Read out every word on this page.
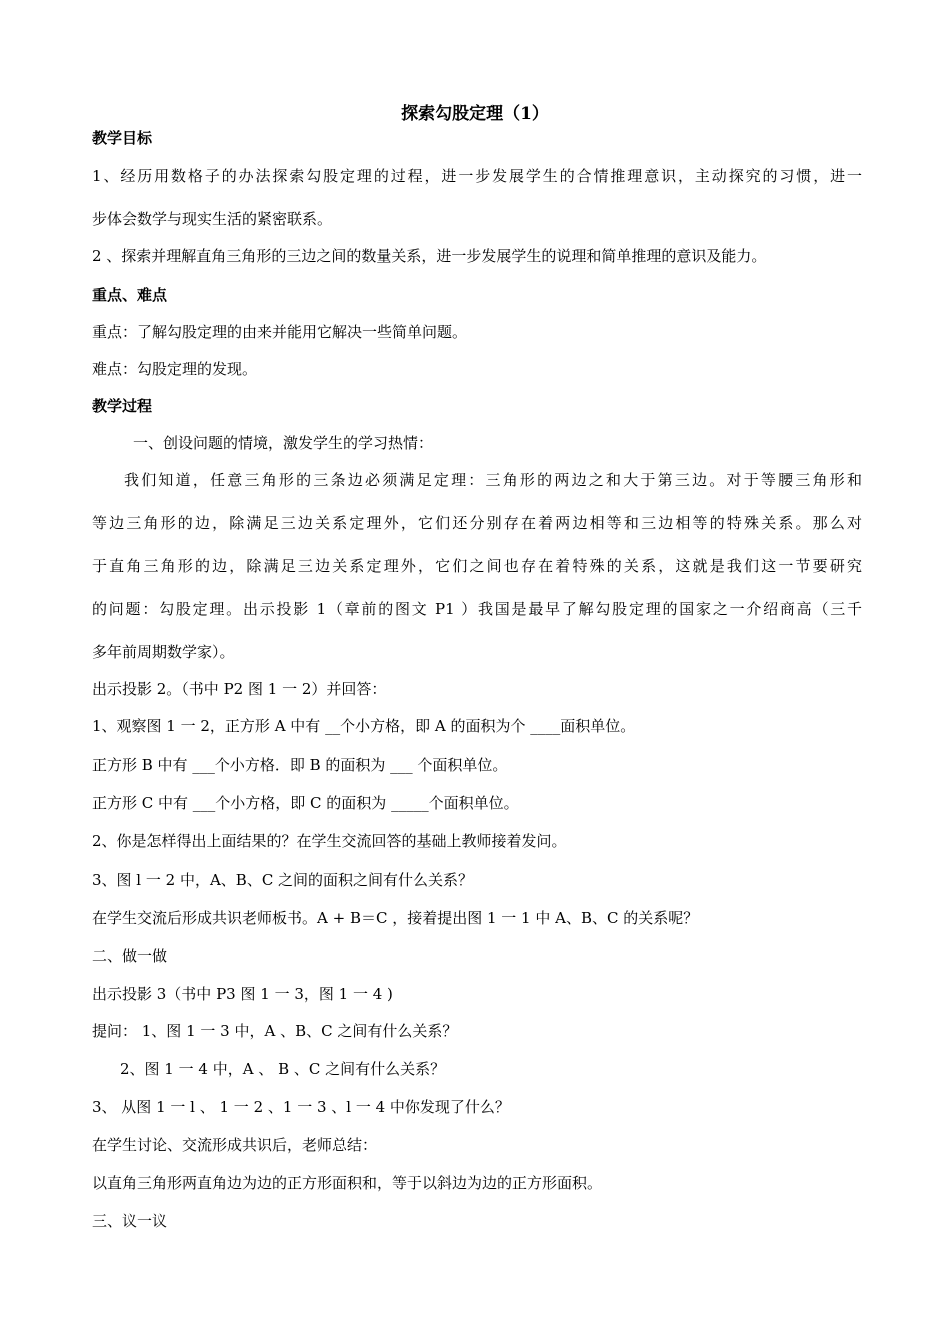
探索勾股定理（1）
教学目标
1、经历用数格子的办法探索勾股定理的过程，进一步发展学生的合情推理意识，主动探究的习惯，进一
步体会数学与现实生活的紧密联系。
2 、探索并理解直角三角形的三边之间的数量关系，进一步发展学生的说理和简单推理的意识及能力。
重点、难点
重点：了解勾股定理的由来并能用它解决一些简单问题。
难点：勾股定理的发现。
教学过程
一、创设问题的情境，激发学生的学习热情：
我们知道，任意三角形的三条边必须满足定理：三角形的两边之和大于第三边。对于等腰三角形和
等边三角形的边，除满足三边关系定理外，它们还分别存在着两边相等和三边相等的特殊关系。那么对
于直角三角形的边，除满足三边关系定理外，它们之间也存在着特殊的关系，这就是我们这一节要研究
的问题：勾股定理。出示投影 1（章前的图文 P1 ）我国是最早了解勾股定理的国家之一介绍商高（三千
多年前周期数学家）。
出示投影 2。（书中 P2 图 1 一 2）并回答：
1、观察图 1 一 2，正方形 A 中有 __个小方格，即 A 的面积为个 ____面积单位。
正方形 B 中有 ___个小方格．即 B 的面积为 ___ 个面积单位。
正方形 C 中有 ___个小方格，即 C 的面积为 _____个面积单位。
2、你是怎样得出上面结果的？在学生交流回答的基础上教师接着发问。
3、图 l 一 2 中，A、B、C 之间的面积之间有什么关系？
在学生交流后形成共识老师板书。A + B＝C ，接着提出图 1 一 1 中 A、B、C 的关系呢？
二、做一做
出示投影 3（书中 P3 图 1 一 3，图 1 一 4 )
提问： 1、图 1 一 3 中，A 、B、C 之间有什么关系？
2、图 1 一 4 中，A 、 B 、C 之间有什么关系？
3、 从图 1 一 l 、 1 一 2 、1 一 3 、l 一 4 中你发现了什么？
在学生讨论、交流形成共识后，老师总结：
以直角三角形两直角边为边的正方形面积和，等于以斜边为边的正方形面积。
三、议一议
